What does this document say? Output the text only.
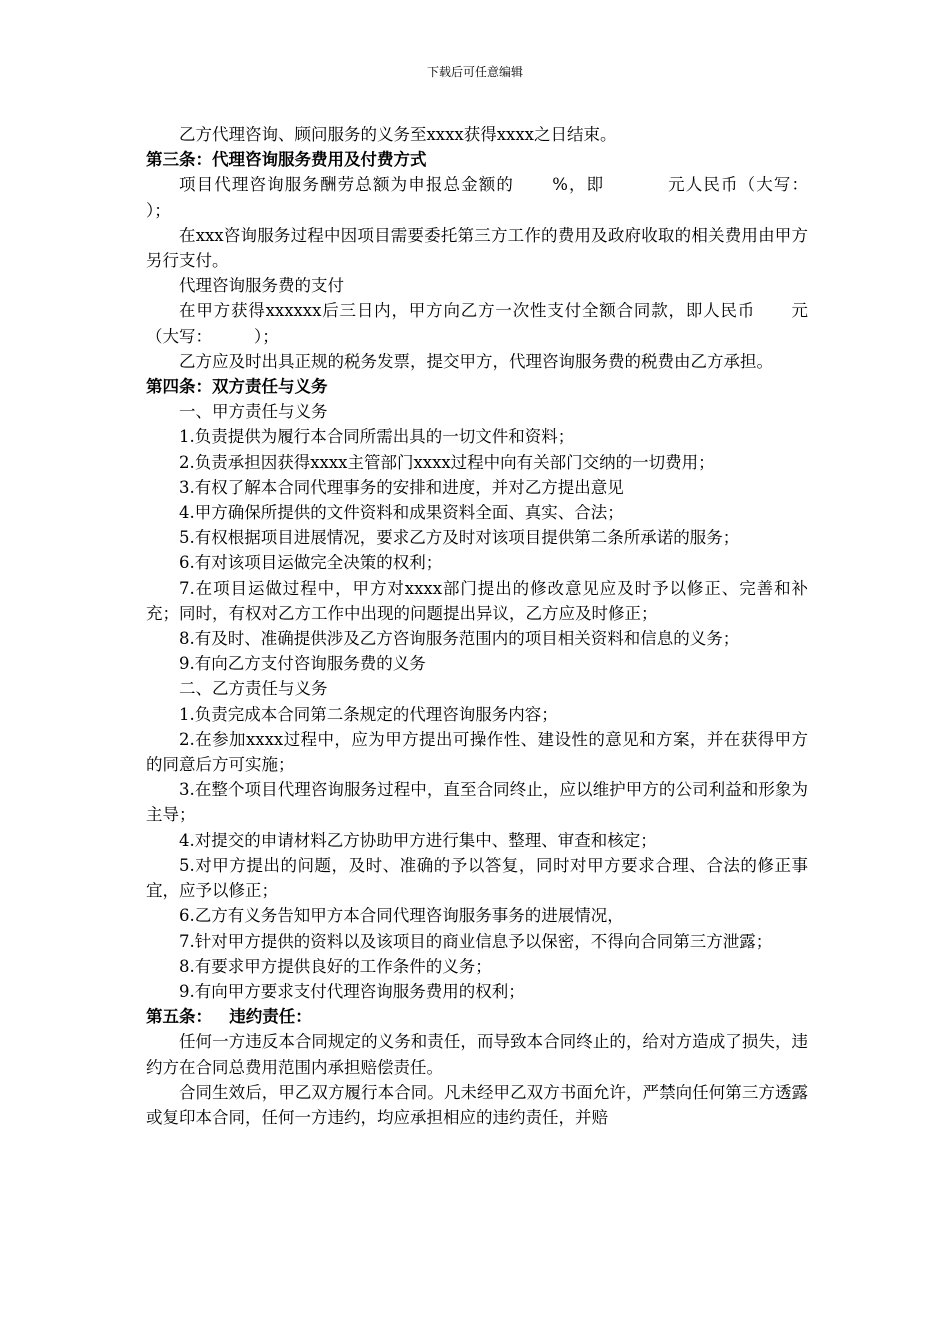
下载后可任意编辑
乙方代理咨询、顾问服务的义务至xxxx获得xxxx之日结束。
第三条：代理咨询服务费用及付费方式
项目代理咨询服务酬劳总额为申报总金额的      %，即          元人民币（大写：          ）；
在xxx咨询服务过程中因项目需要委托第三方工作的费用及政府收取的相关费用由甲方另行支付。
代理咨询服务费的支付
在甲方获得xxxxxx后三日内，甲方向乙方一次性支付全额合同款，即人民币      元（大写：        ）；
乙方应及时出具正规的税务发票，提交甲方，代理咨询服务费的税费由乙方承担。
第四条：双方责任与义务
一、甲方责任与义务
1.负责提供为履行本合同所需出具的一切文件和资料；
2.负责承担因获得xxxx主管部门xxxx过程中向有关部门交纳的一切费用；
3.有权了解本合同代理事务的安排和进度，并对乙方提出意见
4.甲方确保所提供的文件资料和成果资料全面、真实、合法；
5.有权根据项目进展情况，要求乙方及时对该项目提供第二条所承诺的服务；
6.有对该项目运做完全决策的权利；
7.在项目运做过程中，甲方对xxxx部门提出的修改意见应及时予以修正、完善和补充；同时，有权对乙方工作中出现的问题提出异议，乙方应及时修正；
8.有及时、准确提供涉及乙方咨询服务范围内的项目相关资料和信息的义务；
9.有向乙方支付咨询服务费的义务
二、乙方责任与义务
1.负责完成本合同第二条规定的代理咨询服务内容；
2.在参加xxxx过程中，应为甲方提出可操作性、建设性的意见和方案，并在获得甲方的同意后方可实施；
3.在整个项目代理咨询服务过程中，直至合同终止，应以维护甲方的公司利益和形象为主导；
4.对提交的申请材料乙方协助甲方进行集中、整理、审查和核定；
5.对甲方提出的问题，及时、准确的予以答复，同时对甲方要求合理、合法的修正事宜，应予以修正；
6.乙方有义务告知甲方本合同代理咨询服务事务的进展情况，
7.针对甲方提供的资料以及该项目的商业信息予以保密，不得向合同第三方泄露；
8.有要求甲方提供良好的工作条件的义务；
9.有向甲方要求支付代理咨询服务费用的权利；
第五条：   违约责任：
任何一方违反本合同规定的义务和责任，而导致本合同终止的，给对方造成了损失，违约方在合同总费用范围内承担赔偿责任。
合同生效后，甲乙双方履行本合同。凡未经甲乙双方书面允许，严禁向任何第三方透露或复印本合同，任何一方违约，均应承担相应的违约责任，并赔
